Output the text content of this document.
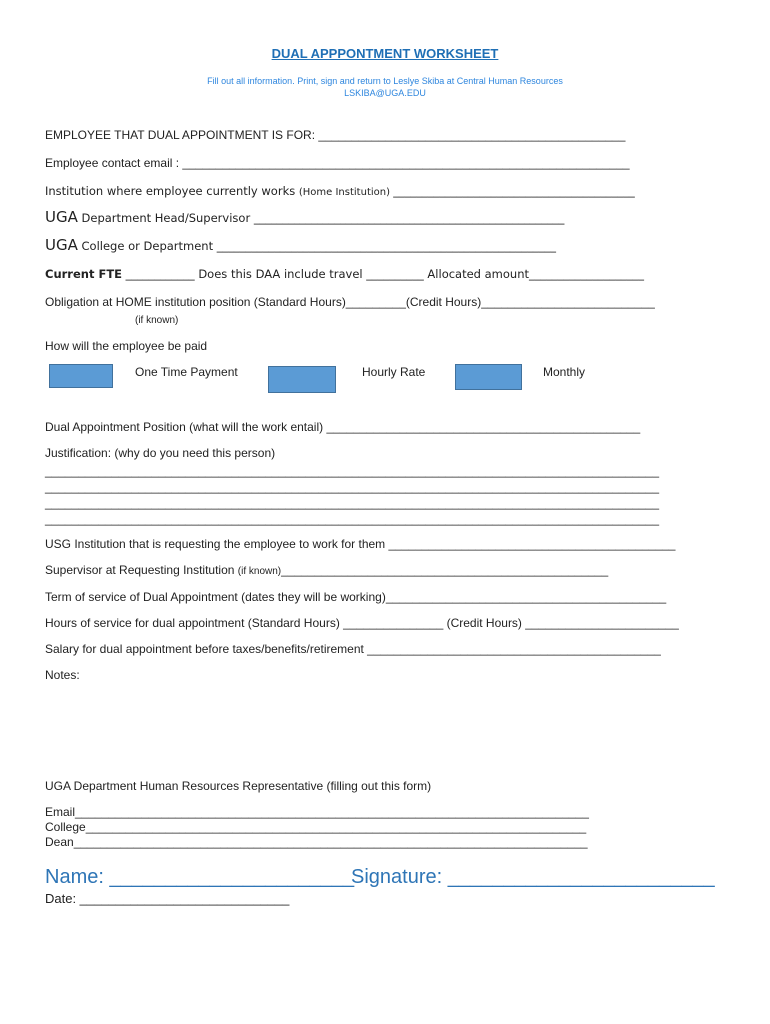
DUAL APPPONTMENT WORKSHEET
Fill out all information. Print, sign and return to Leslye Skiba at Central Human Resources
LSKIBA@UGA.EDU
EMPLOYEE THAT DUAL APPOINTMENT IS FOR: ______________________________________________
Employee contact email : ___________________________________________________________________
Institution where employee currently works (Home Institution) __________________________________________
UGA Department Head/Supervisor ______________________________________________________
UGA College or Department ___________________________________________________________
Current FTE ____________ Does this DAA include travel __________ Allocated amount____________________
Obligation at HOME institution position (Standard Hours)_________(Credit Hours)__________________________
(if known)
How will the employee be paid
One Time Payment	Hourly Rate	Monthly
Dual Appointment Position (what will the work entail) _______________________________________________
Justification: (why do you need this person)
____________________________________________________________________________________________
____________________________________________________________________________________________
____________________________________________________________________________________________
____________________________________________________________________________________________
USG Institution that is requesting the employee to work for them ___________________________________________
Supervisor at Requesting Institution (if known)_________________________________________________
Term of service of Dual Appointment (dates they will be working)__________________________________________
Hours of service for dual appointment (Standard Hours) _______________ (Credit Hours) _______________________
Salary for dual appointment before taxes/benefits/retirement ____________________________________________
Notes:
UGA Department Human Resources Representative (filling out this form)
Email_____________________________________________________________________________
College___________________________________________________________________________
Dean_____________________________________________________________________________
Name: ______________________
Signature: ________________________
Date: _____________________________
